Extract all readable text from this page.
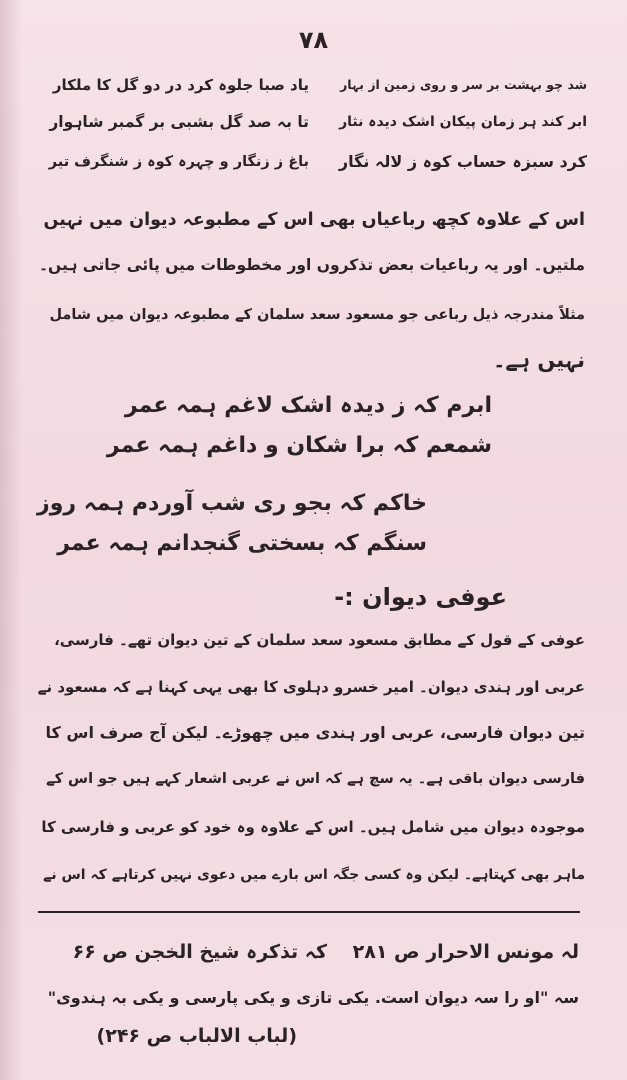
٧٨
شد چو بہشت بر سر و روی زمین از بہار
یاد صبا جلوہ کرد در دو گل کا ملکار
ابر کند ہر زمان پیکان اشک دیدہ نثار
تا بہ صد گل بشبی بر گمبر شاہوار
کرد سبزہ حساب کوہ ز لالہ نگار
باغ ز زنگار و چہرہ کوہ ز شنگرف تیر
اس کے علاوہ کچھ رباعیاں بھی اس کے مطبوعہ دیوان میں نہیں
ملتیں۔ اور یہ رباعیات بعض تذکروں اور مخطوطات میں پائی جاتی ہیں۔
مثلاً مندرجہ ذیل رباعی جو مسعود سعد سلمان کے مطبوعہ دیوان میں شامل
نہیں ہے۔
ابرم کہ ز دیدہ اشک لاغم ہمہ عمر
شمعم کہ برا شکان و داغم ہمہ عمر
خاکم کہ بجو ری شب آوردم ہمہ روز
سنگم کہ بسختی گنجدانم ہمہ عمر
عوفی دیوان :-
عوفی کے قول کے مطابق مسعود سعد سلمان کے تین دیوان تھے۔ فارسی،
عربی اور ہندی دیوان۔ امیر خسرو دہلوی کا بھی یہی کہنا ہے کہ مسعود نے
تین دیوان فارسی، عربی اور ہندی میں چھوڑے۔ لیکن آج صرف اس کا
فارسی دیوان باقی ہے۔ یہ سچ ہے کہ اس نے عربی اشعار کہے ہیں جو اس کے
موجودہ دیوان میں شامل ہیں۔ اس کے علاوہ وہ خود کو عربی و فارسی کا
ماہر بھی کہتاہے۔ لیکن وہ کسی جگہ اس بارے میں دعوی نہیں کرتاہے کہ اس نے
لہ مونس الاحرار ص ۲۸۱
کہ تذکرہ شیخ الخجن ص ۶۶
سہ "او را سہ دیوان است. یکی تازی و یکی پارسی و یکی بہ ہندوی"
(لباب الالباب ص ۲۴۶)
